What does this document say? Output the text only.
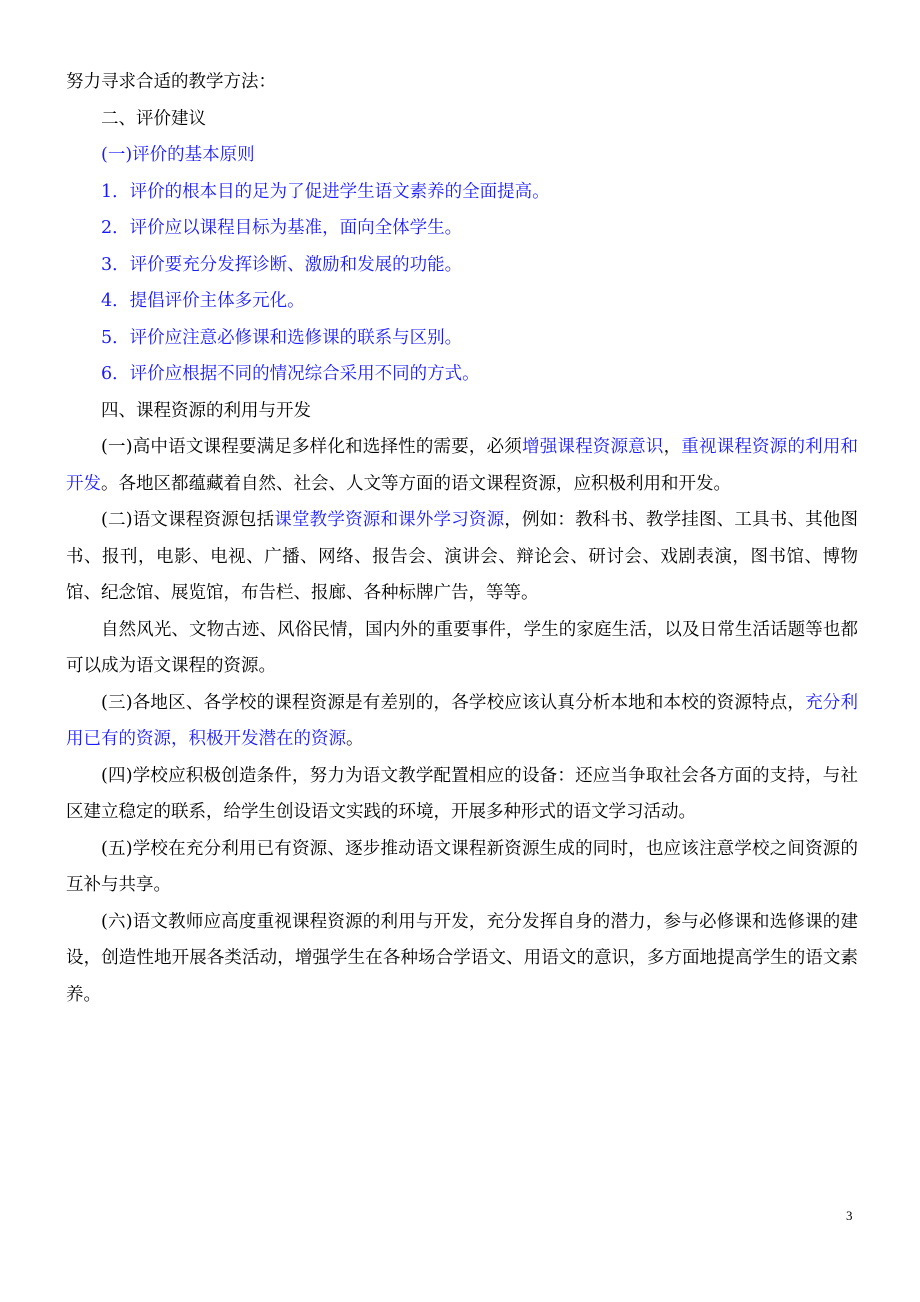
努力寻求合适的教学方法：

二、评价建议

(一)评价的基本原则

1．评价的根本目的足为了促进学生语文素养的全面提高。

2．评价应以课程目标为基准，面向全体学生。

3．评价要充分发挥诊断、激励和发展的功能。

4．提倡评价主体多元化。

5．评价应注意必修课和选修课的联系与区别。

6．评价应根据不同的情况综合采用不同的方式。

四、课程资源的利用与开发

(一)高中语文课程要满足多样化和选择性的需要，必须增强课程资源意识，重视课程资源的利用和开发。各地区都蕴藏着自然、社会、人文等方面的语文课程资源，应积极利用和开发。

(二)语文课程资源包括课堂教学资源和课外学习资源，例如：教科书、教学挂图、工具书、其他图书、报刊，电影、电视、广播、网络、报告会、演讲会、辩论会、研讨会、戏剧表演，图书馆、博物馆、纪念馆、展览馆，布告栏、报廊、各种标牌广告，等等。

自然风光、文物古迹、风俗民情，国内外的重要事件，学生的家庭生活，以及日常生活话题等也都可以成为语文课程的资源。

(三)各地区、各学校的课程资源是有差别的，各学校应该认真分析本地和本校的资源特点，充分利用已有的资源，积极开发潜在的资源。

(四)学校应积极创造条件，努力为语文教学配置相应的设备：还应当争取社会各方面的支持，与社区建立稳定的联系，给学生创设语文实践的环境，开展多种形式的语文学习活动。

(五)学校在充分利用已有资源、逐步推动语文课程新资源生成的同时，也应该注意学校之间资源的互补与共享。

(六)语文教师应高度重视课程资源的利用与开发，充分发挥自身的潜力，参与必修课和选修课的建设，创造性地开展各类活动，增强学生在各种场合学语文、用语文的意识，多方面地提高学生的语文素养。

3
